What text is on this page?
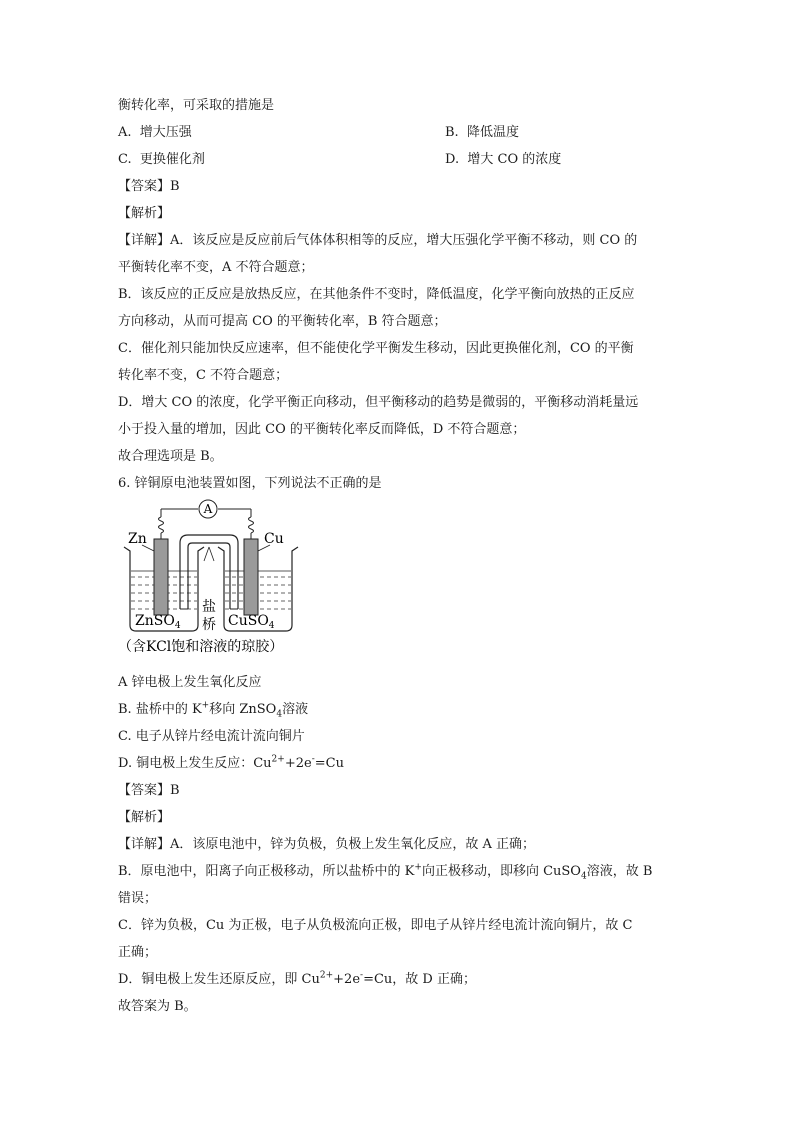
衡转化率，可采取的措施是
A. 增大压强	B. 降低温度
C. 更换催化剂	D. 增大 CO 的浓度
【答案】B
【解析】
【详解】A．该反应是反应前后气体体积相等的反应，增大压强化学平衡不移动，则 CO 的
平衡转化率不变，A 不符合题意；
B．该反应的正反应是放热反应，在其他条件不变时，降低温度，化学平衡向放热的正反应
方向移动，从而可提高 CO 的平衡转化率，B 符合题意；
C．催化剂只能加快反应速率，但不能使化学平衡发生移动，因此更换催化剂，CO 的平衡
转化率不变，C 不符合题意；
D．增大 CO 的浓度，化学平衡正向移动，但平衡移动的趋势是微弱的，平衡移动消耗量远
小于投入量的增加，因此 CO 的平衡转化率反而降低，D 不符合题意；
故合理选项是 B。
6. 锌铜原电池装置如图，下列说法不正确的是
A
Zn	Cu
盐
桥
ZnSO$_4$	CuSO$_4$
（含KCl饱和溶液的琼胶）
A 锌电极上发生氧化反应
B. 盐桥中的 K+移向 ZnSO$_4$溶液
C. 电子从锌片经电流计流向铜片
D. 铜电极上发生反应：$Cu^{2+}+2e^-=Cu$
【答案】B
【解析】
【详解】A．该原电池中，锌为负极，负极上发生氧化反应，故 A 正确；
B．原电池中，阳离子向正极移动，所以盐桥中的 K+向正极移动，即移向 CuSO$_4$溶液，故 B
错误；
C．锌为负极，Cu 为正极，电子从负极流向正极，即电子从锌片经电流计流向铜片，故 C
正确；
D．铜电极上发生还原反应，即 $Cu^{2+}+2e^-=Cu$，故 D 正确；
故答案为 B。
